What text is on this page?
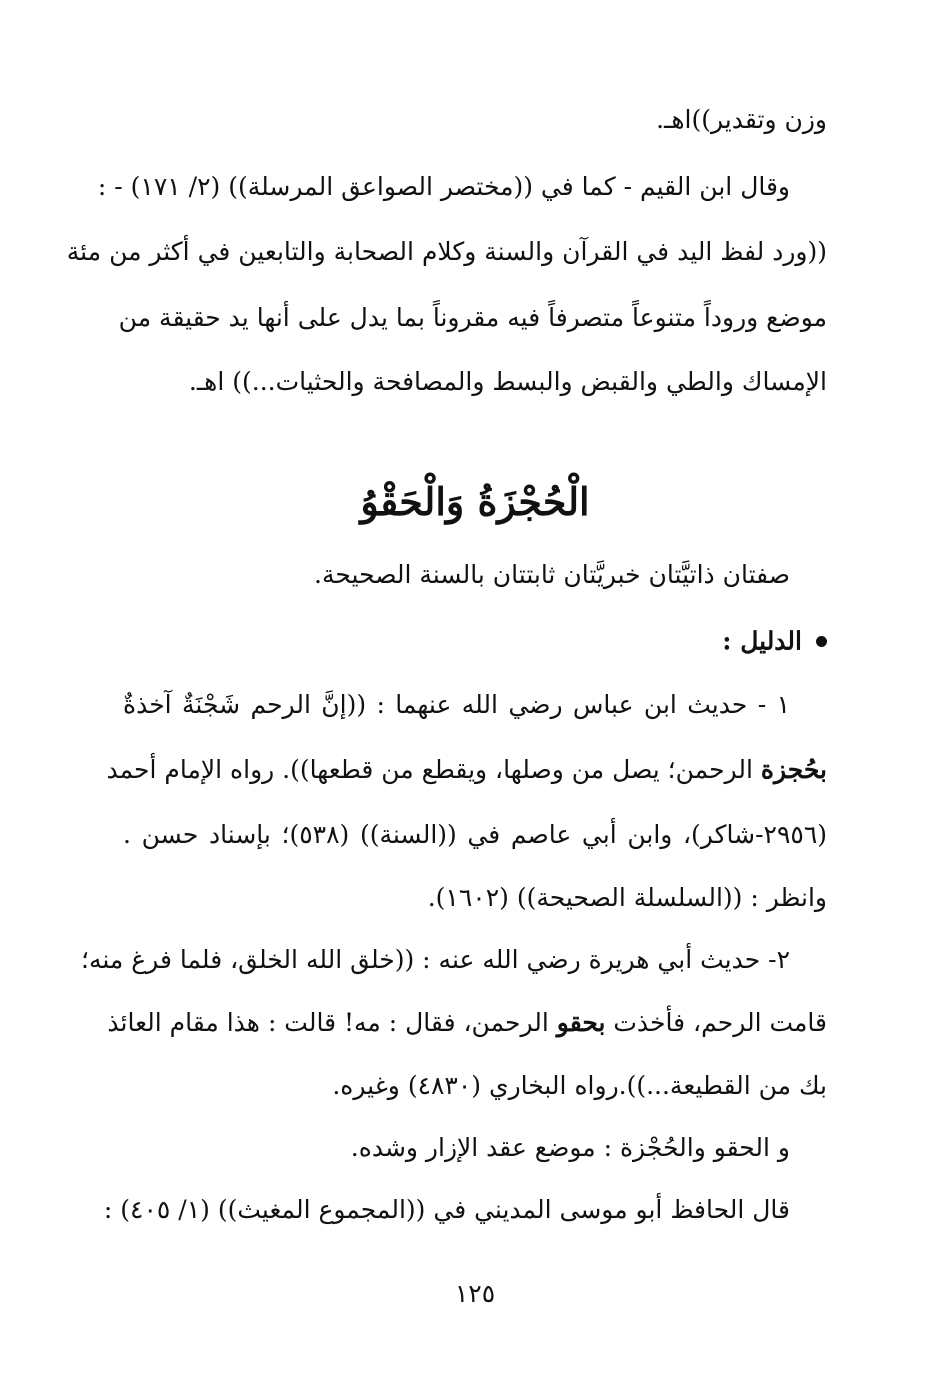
وزن وتقدير))اهـ.
وقال ابن القيم - كما في ((مختصر الصواعق المرسلة)) (٢/ ١٧١) - :
((ورد لفظ اليد في القرآن والسنة وكلام الصحابة والتابعين في أكثر من مئة
موضع وروداً متنوعاً متصرفاً فيه مقروناً بما يدل على أنها يد حقيقة من
الإمساك والطي والقبض والبسط والمصافحة والحثيات...)) اهـ.
الْحُجْزَةُ وَالْحَقْوُ
صفتان ذاتيَّتان خبريَّتان ثابتتان بالسنة الصحيحة.
الدليل :
١ - حديث ابن عباس رضي الله عنهما : ((إنَّ الرحم شَجْنَةٌ آخذةٌ
بحُجزة الرحمن؛ يصل من وصلها، ويقطع من قطعها)). رواه الإمام أحمد
(٢٩٥٦-شاكر)، وابن أبي عاصم في ((السنة)) (٥٣٨)؛ بإسناد حسن .
وانظر : ((السلسلة الصحيحة)) (١٦٠٢).
٢- حديث أبي هريرة رضي الله عنه : ((خلق الله الخلق، فلما فرغ منه؛
قامت الرحم، فأخذت بحقو الرحمن، فقال : مه! قالت : هذا مقام العائذ
بك من القطيعة...)).رواه البخاري (٤٨٣٠) وغيره.
و الحقو والحُجْزة : موضع عقد الإزار وشده.
قال الحافظ أبو موسى المديني في ((المجموع المغيث)) (١/ ٤٠٥) :
١٢٥
